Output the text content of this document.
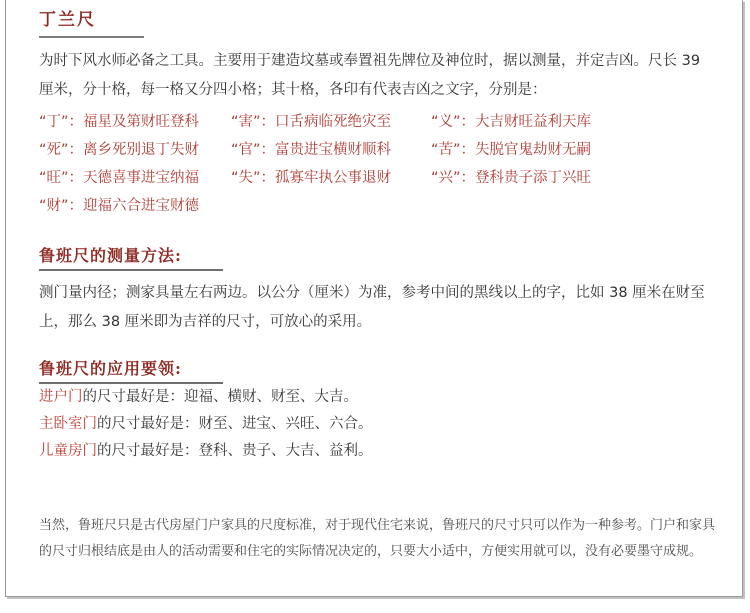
丁兰尺

为时下风水师必备之工具。主要用于建造坟墓或奉置祖先牌位及神位时，据以测量，并定吉凶。尺长 39 厘米，分十格，每一格又分四小格；其十格，各印有代表吉凶之文字，分别是：

“丁”：福星及第财旺登科	“害”：口舌病临死绝灾至	“义”：大吉财旺益利天库
“死”：离乡死别退丁失财	“官”：富贵进宝横财顺科	“苦”：失脱官鬼劫财无嗣
“旺”：天德喜事进宝纳福	“失”：孤寡牢执公事退财	“兴”：登科贵子添丁兴旺
“财”：迎福六合进宝财德
鲁班尺的测量方法:

测门量内径；测家具量左右两边。以公分（厘米）为准，参考中间的黑线以上的字，比如 38 厘米在财至上，那么 38 厘米即为吉祥的尺寸，可放心的采用。

鲁班尺的应用要领:

进户门的尺寸最好是：迎福、横财、财至、大吉。

主卧室门的尺寸最好是：财至、进宝、兴旺、六合。

儿童房门的尺寸最好是：登科、贵子、大吉、益利。

当然，鲁班尺只是古代房屋门户家具的尺度标准，对于现代住宅来说，鲁班尺的尺寸只可以作为一种参考。门户和家具的尺寸归根结底是由人的活动需要和住宅的实际情况决定的，只要大小适中，方便实用就可以，没有必要墨守成规。
